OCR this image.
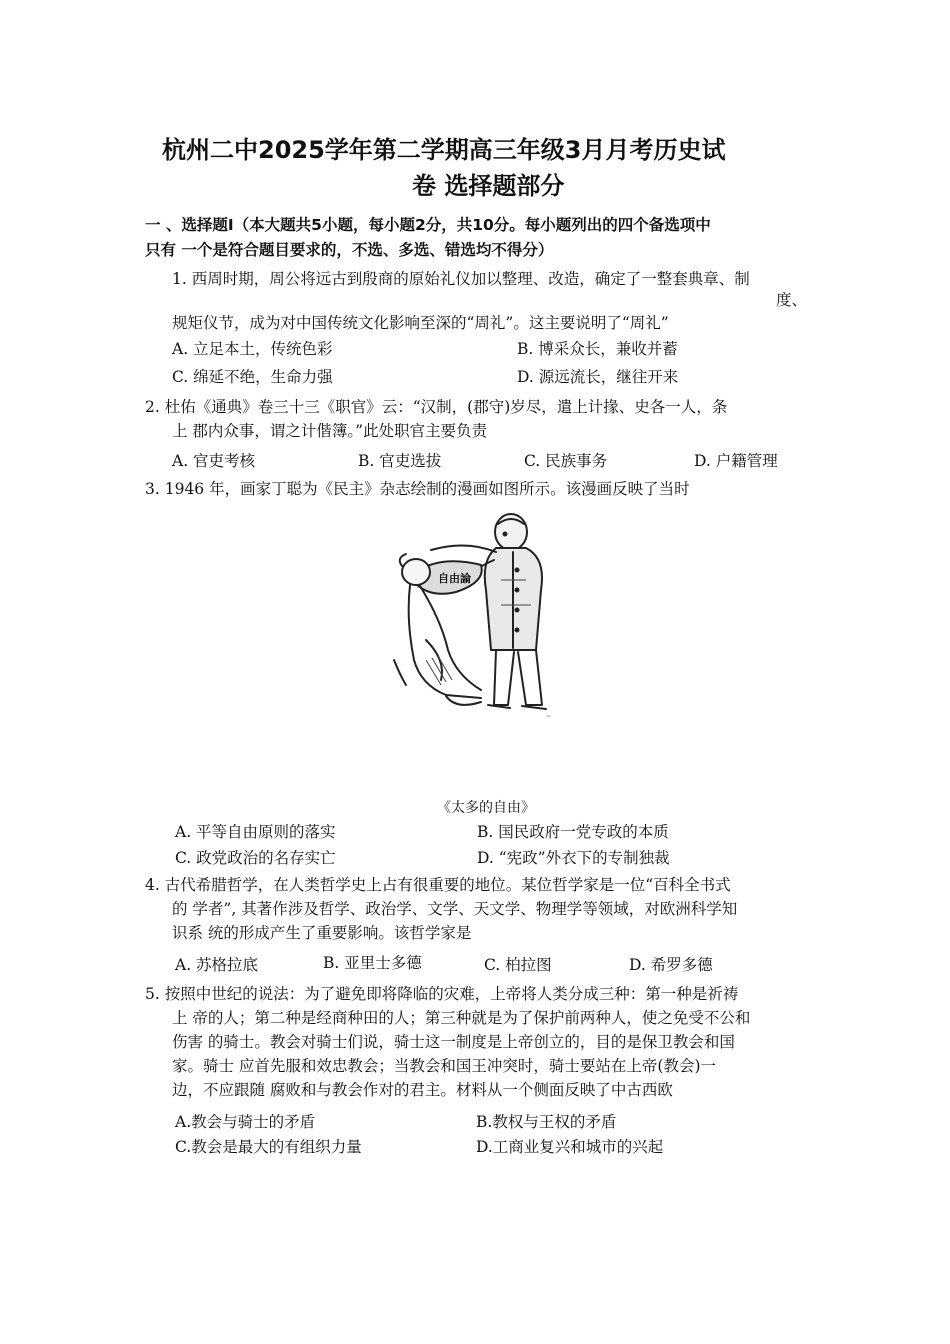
杭州二中2025学年第二学期高三年级3月月考历史试
卷 选择题部分
一 、选择题Ⅰ（本大题共5小题，每小题2分，共10分。每小题列出的四个备选项中
只有 一个是符合题目要求的，不选、多选、错选均不得分）
1. 西周时期，周公将远古到殷商的原始礼仪加以整理、改造，确定了一整套典章、制
度、
规矩仪节，成为对中国传统文化影响至深的“周礼”。这主要说明了“周礼”
A. 立足本土，传统色彩	B. 博采众长，兼收并蓄
C. 绵延不绝，生命力强	D. 源远流长，继往开来
2. 杜佑《通典》卷三十三《职官》云：“汉制，(郡守)岁尽，遣上计掾、史各一人，条
上 郡内众事，谓之计偕簿。”此处职官主要负责
A. 官吏考核	B. 官吏选拔	C. 民族事务	D. 户籍管理
3. 1946 年，画家丁聪为《民主》杂志绘制的漫画如图所示。该漫画反映了当时
自由論
~
《太多的自由》
A. 平等自由原则的落实	B. 国民政府一党专政的本质
C. 政党政治的名存实亡	D. “宪政”外衣下的专制独裁
4. 古代希腊哲学，在人类哲学史上占有很重要的地位。某位哲学家是一位“百科全书式
的 学者”, 其著作涉及哲学、政治学、文学、天文学、物理学等领域，对欧洲科学知
识系 统的形成产生了重要影响。该哲学家是
A. 苏格拉底	B. 亚里士多德	C. 柏拉图	D. 希罗多德
5. 按照中世纪的说法：为了避免即将降临的灾难，上帝将人类分成三种：第一种是祈祷
上 帝的人；第二种是经商种田的人；第三种就是为了保护前两种人，使之免受不公和
伤害 的骑士。教会对骑士们说，骑士这一制度是上帝创立的，目的是保卫教会和国
家。骑士 应首先服和效忠教会；当教会和国王冲突时，骑士要站在上帝(教会)一
边，不应跟随 腐败和与教会作对的君主。材料从一个侧面反映了中古西欧
A.教会与骑士的矛盾	B.教权与王权的矛盾
C.教会是最大的有组织力量	D.工商业复兴和城市的兴起
